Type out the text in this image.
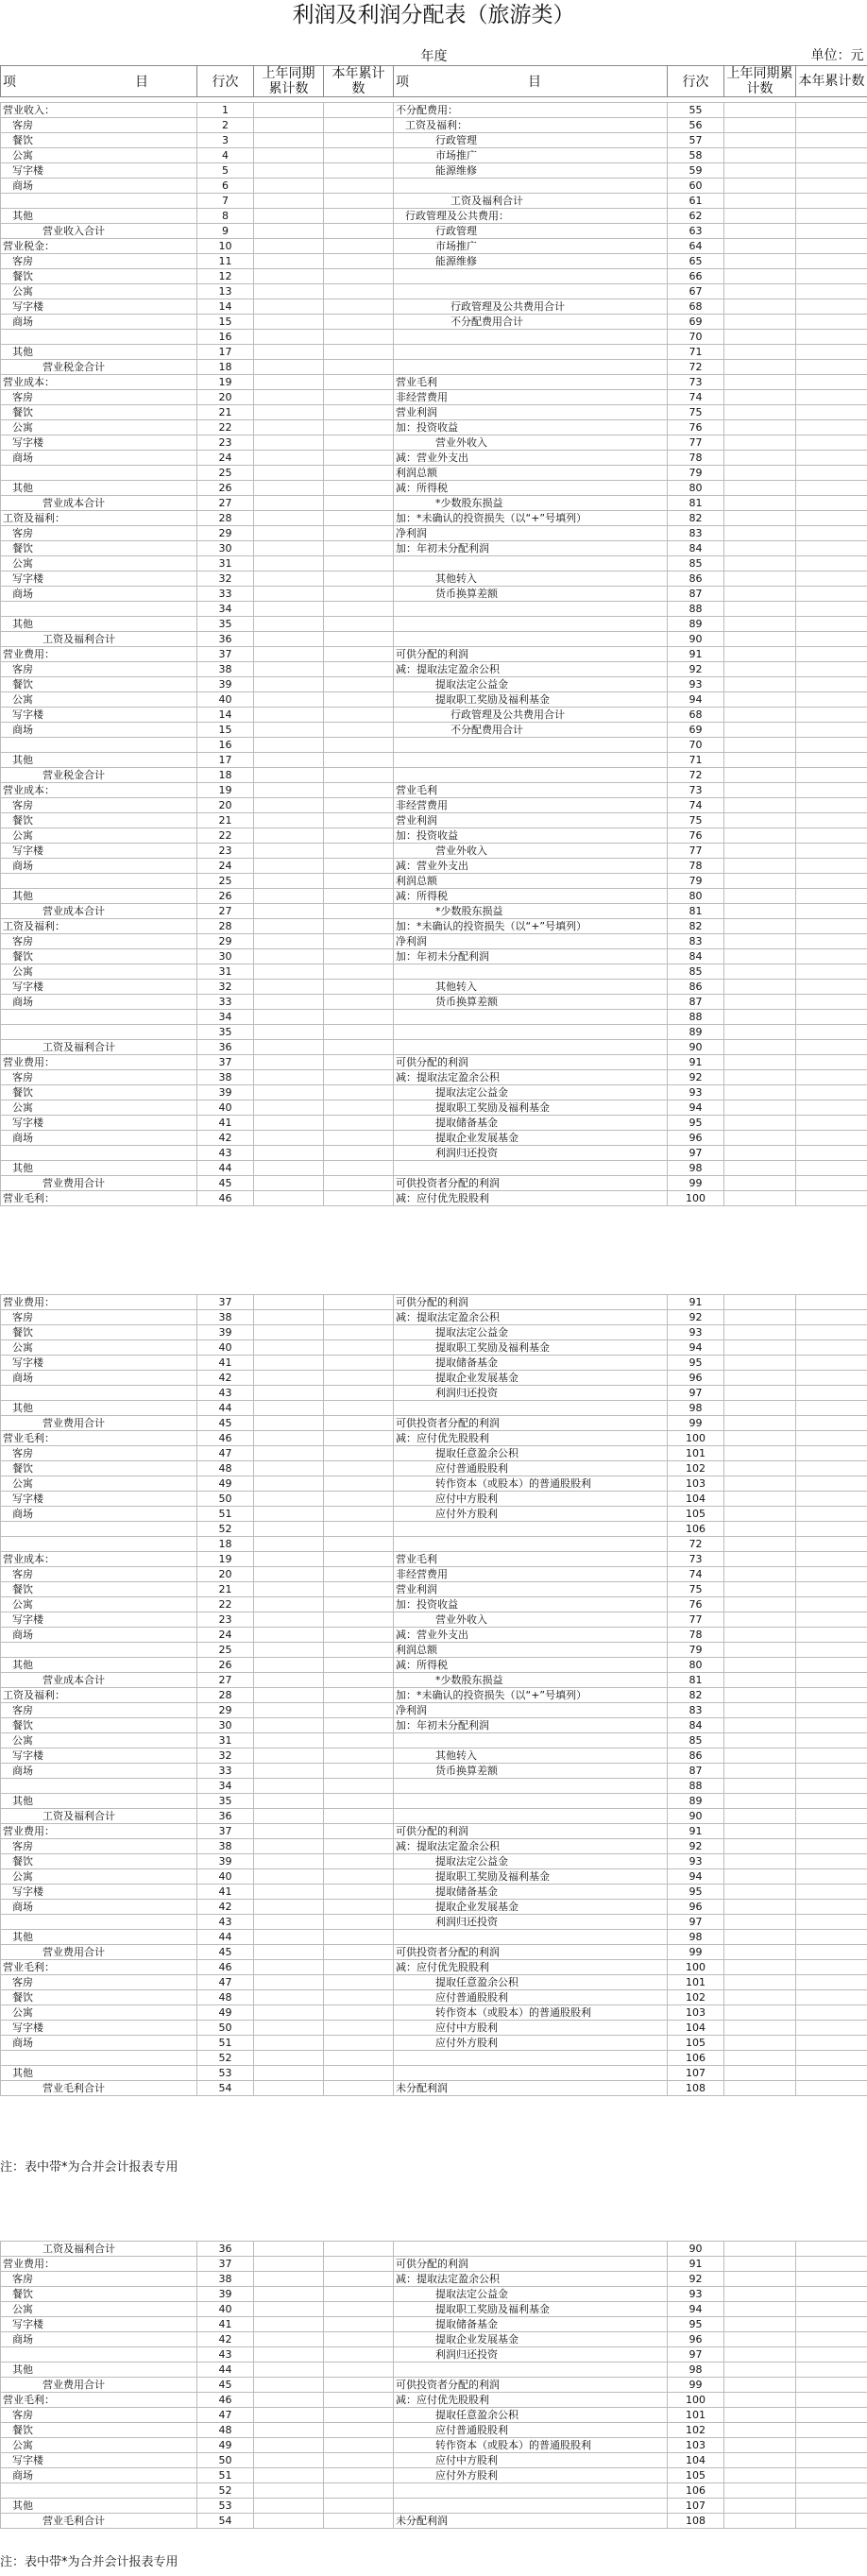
利润及利润分配表（旅游类）
年度	单位：元

项　　　　　　　　　目	行次	上年同期累计数	本年累计数	项　　　　　　　　　目	行次	上年同期累计数	本年累计数

营业收入：	1			不分配费用：	55		
客房	2			工资及福利：	56		
餐饮	3			行政管理	57		
公寓	4			市场推广	58		
写字楼	5			能源维修	59		
商场	6				60		
	7			工资及福利合计	61		
其他	8			行政管理及公共费用：	62		
营业收入合计	9			行政管理	63		
营业税金：	10			市场推广	64		
客房	11			能源维修	65		
餐饮	12				66		
公寓	13				67		
写字楼	14			行政管理及公共费用合计	68		
商场	15			不分配费用合计	69		
	16				70		
其他	17				71		
营业税金合计	18				72		
营业成本：	19			营业毛利	73		
客房	20			非经营费用	74		
餐饮	21			营业利润	75		
公寓	22			加：投资收益	76		
写字楼	23			营业外收入	77		
商场	24			减：营业外支出	78		
	25			利润总额	79		
其他	26			减：所得税	80		
营业成本合计	27			*少数股东损益	81		
工资及福利：	28			加：*未确认的投资损失（以“+”号填列）	82		
客房	29			净利润	83		
餐饮	30			加：年初未分配利润	84		
公寓	31				85		
写字楼	32			其他转入	86		
商场	33			货币换算差额	87		
	34				88		
其他	35				89		
工资及福利合计	36				90		
营业费用：	37			可供分配的利润	91		
客房	38			减：提取法定盈余公积	92		
餐饮	39			提取法定公益金	93		
公寓	40			提取职工奖励及福利基金	94		
写字楼	14			行政管理及公共费用合计	68		
商场	15			不分配费用合计	69		
	16				70		
其他	17				71		
营业税金合计	18				72		
营业成本：	19			营业毛利	73		
客房	20			非经营费用	74		
餐饮	21			营业利润	75		
公寓	22			加：投资收益	76		
写字楼	23			营业外收入	77		
商场	24			减：营业外支出	78		
	25			利润总额	79		
其他	26			减：所得税	80		
营业成本合计	27			*少数股东损益	81		
工资及福利：	28			加：*未确认的投资损失（以“+”号填列）	82		
客房	29			净利润	83		
餐饮	30			加：年初未分配利润	84		
公寓	31				85		
写字楼	32			其他转入	86		
商场	33			货币换算差额	87		
	34				88		
	35				89		
工资及福利合计	36				90		
营业费用：	37			可供分配的利润	91		
客房	38			减：提取法定盈余公积	92		
餐饮	39			提取法定公益金	93		
公寓	40			提取职工奖励及福利基金	94		
写字楼	41			提取储备基金	95		
商场	42			提取企业发展基金	96		
	43			利润归还投资	97		
其他	44				98		
营业费用合计	45			可供投资者分配的利润	99		
营业毛利：	46			减：应付优先股股利	100		
营业费用：	37			可供分配的利润	91		
客房	38			减：提取法定盈余公积	92		
餐饮	39			提取法定公益金	93		
公寓	40			提取职工奖励及福利基金	94		
写字楼	41			提取储备基金	95		
商场	42			提取企业发展基金	96		
	43			利润归还投资	97		
其他	44				98		
营业费用合计	45			可供投资者分配的利润	99		
营业毛利：	46			减：应付优先股股利	100		
客房	47			提取任意盈余公积	101		
餐饮	48			应付普通股股利	102		
公寓	49			转作资本（或股本）的普通股股利	103		
写字楼	50			应付中方股利	104		
商场	51			应付外方股利	105		
	52				106		
	18				72		
营业成本：	19			营业毛利	73		
客房	20			非经营费用	74		
餐饮	21			营业利润	75		
公寓	22			加：投资收益	76		
写字楼	23			营业外收入	77		
商场	24			减：营业外支出	78		
	25			利润总额	79		
其他	26			减：所得税	80		
营业成本合计	27			*少数股东损益	81		
工资及福利：	28			加：*未确认的投资损失（以“+”号填列）	82		
客房	29			净利润	83		
餐饮	30			加：年初未分配利润	84		
公寓	31				85		
写字楼	32			其他转入	86		
商场	33			货币换算差额	87		
	34				88		
其他	35				89		
工资及福利合计	36				90		
营业费用：	37			可供分配的利润	91		
客房	38			减：提取法定盈余公积	92		
餐饮	39			提取法定公益金	93		
公寓	40			提取职工奖励及福利基金	94		
写字楼	41			提取储备基金	95		
商场	42			提取企业发展基金	96		
	43			利润归还投资	97		
其他	44				98		
营业费用合计	45			可供投资者分配的利润	99		
营业毛利：	46			减：应付优先股股利	100		
客房	47			提取任意盈余公积	101		
餐饮	48			应付普通股股利	102		
公寓	49			转作资本（或股本）的普通股股利	103		
写字楼	50			应付中方股利	104		
商场	51			应付外方股利	105		
	52				106		
其他	53				107		
营业毛利合计	54			未分配利润	108		
注：表中带*为合并会计报表专用
工资及福利合计	36				90		
营业费用：	37			可供分配的利润	91		
客房	38			减：提取法定盈余公积	92		
餐饮	39			提取法定公益金	93		
公寓	40			提取职工奖励及福利基金	94		
写字楼	41			提取储备基金	95		
商场	42			提取企业发展基金	96		
	43			利润归还投资	97		
其他	44				98		
营业费用合计	45			可供投资者分配的利润	99		
营业毛利：	46			减：应付优先股股利	100		
客房	47			提取任意盈余公积	101		
餐饮	48			应付普通股股利	102		
公寓	49			转作资本（或股本）的普通股股利	103		
写字楼	50			应付中方股利	104		
商场	51			应付外方股利	105		
	52				106		
其他	53				107		
营业毛利合计	54			未分配利润	108		
注：表中带*为合并会计报表专用
